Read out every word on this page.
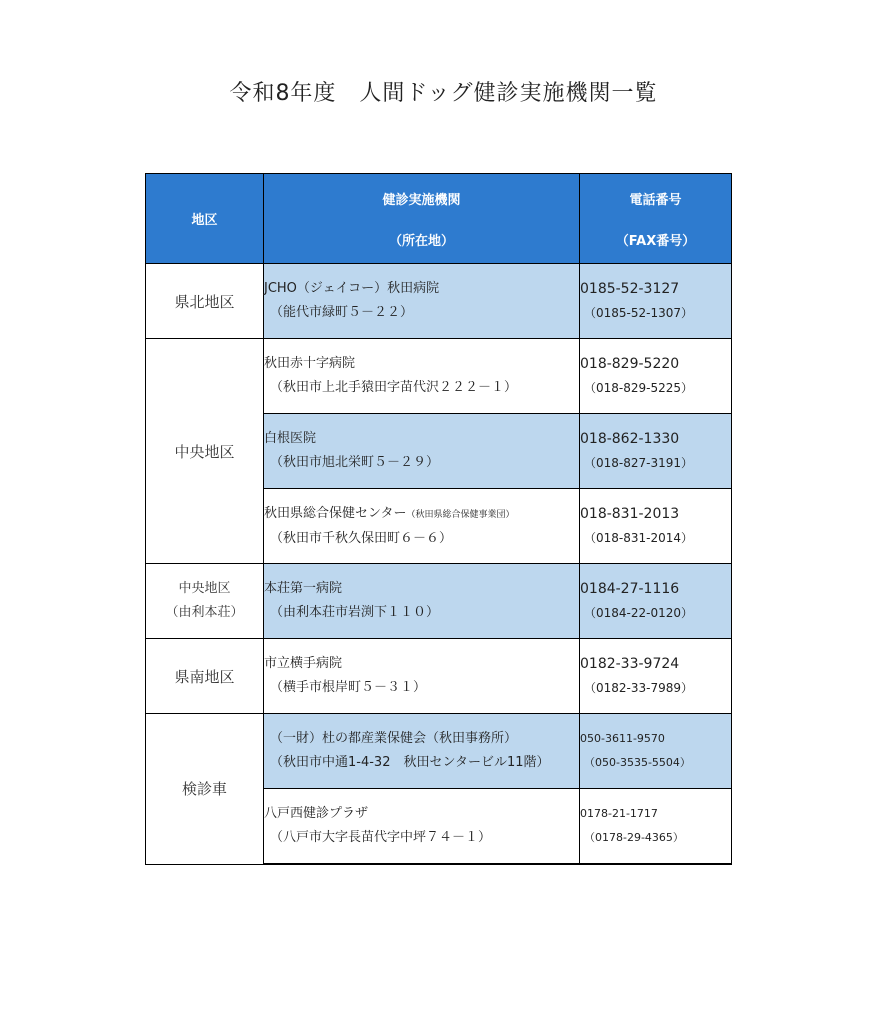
令和8年度　人間ドッグ健診実施機関一覧
地区	健診実施機関
（所在地）	電話番号
（FAX番号）

県北地区	JCHO（ジェイコー）秋田病院
（能代市緑町５－２２）	0185-52-3127
（0185-52-1307）

中央地区	秋田赤十字病院
（秋田市上北手猿田字苗代沢２２２－１）	018-829-5220
（018-829-5225）

	白根医院
（秋田市旭北栄町５－２９）	018-862-1330
（018-827-3191）

	秋田県総合保健センター（秋田県総合保健事業団）
（秋田市千秋久保田町６－６）	018-831-2013
（018-831-2014）

中央地区
（由利本荘）	本荘第一病院
（由利本荘市岩渕下１１０）	0184-27-1116
（0184-22-0120）

県南地区	市立横手病院
（横手市根岸町５－３１）	0182-33-9724
（0182-33-7989）

検診車	（一財）杜の都産業保健会（秋田事務所）
（秋田市中通1-4-32　秋田センタービル11階）	050-3611-9570
（050-3535-5504）

	八戸西健診プラザ
（八戸市大字長苗代字中坪７４－１）	0178-21-1717
（0178-29-4365）
